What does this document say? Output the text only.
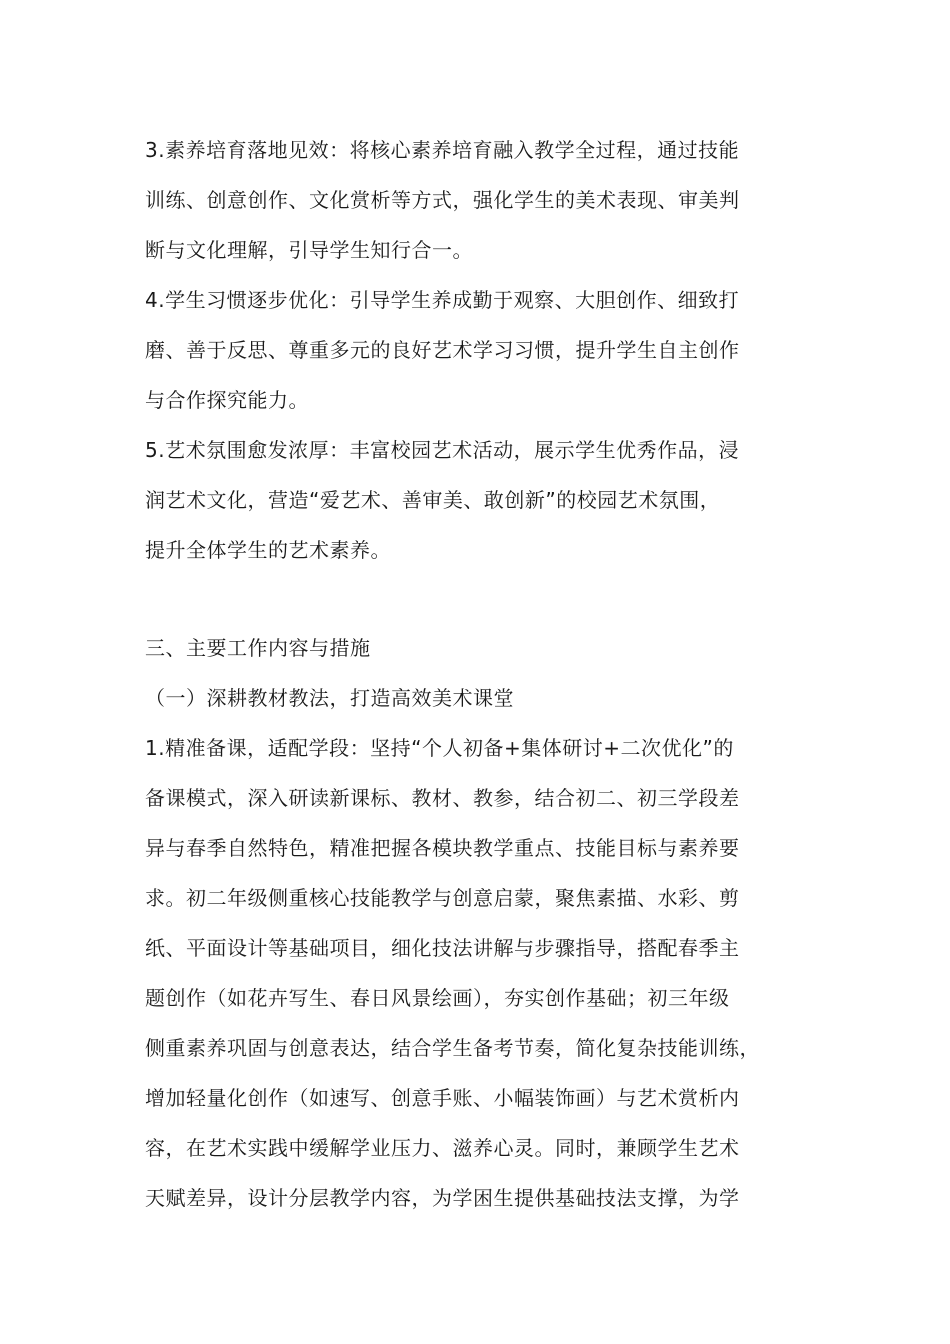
3.素养培育落地见效：将核心素养培育融入教学全过程，通过技能
训练、创意创作、文化赏析等方式，强化学生的美术表现、审美判
断与文化理解，引导学生知行合一。
4.学生习惯逐步优化：引导学生养成勤于观察、大胆创作、细致打
磨、善于反思、尊重多元的良好艺术学习习惯，提升学生自主创作
与合作探究能力。
5.艺术氛围愈发浓厚：丰富校园艺术活动，展示学生优秀作品，浸
润艺术文化，营造“爱艺术、善审美、敢创新”的校园艺术氛围，
提升全体学生的艺术素养。
三、主要工作内容与措施
（一）深耕教材教法，打造高效美术课堂
1.精准备课，适配学段：坚持“个人初备+集体研讨+二次优化”的
备课模式，深入研读新课标、教材、教参，结合初二、初三学段差
异与春季自然特色，精准把握各模块教学重点、技能目标与素养要
求。初二年级侧重核心技能教学与创意启蒙，聚焦素描、水彩、剪
纸、平面设计等基础项目，细化技法讲解与步骤指导，搭配春季主
题创作（如花卉写生、春日风景绘画），夯实创作基础；初三年级
侧重素养巩固与创意表达，结合学生备考节奏，简化复杂技能训练，
增加轻量化创作（如速写、创意手账、小幅装饰画）与艺术赏析内
容，在艺术实践中缓解学业压力、滋养心灵。同时，兼顾学生艺术
天赋差异，设计分层教学内容，为学困生提供基础技法支撑，为学
